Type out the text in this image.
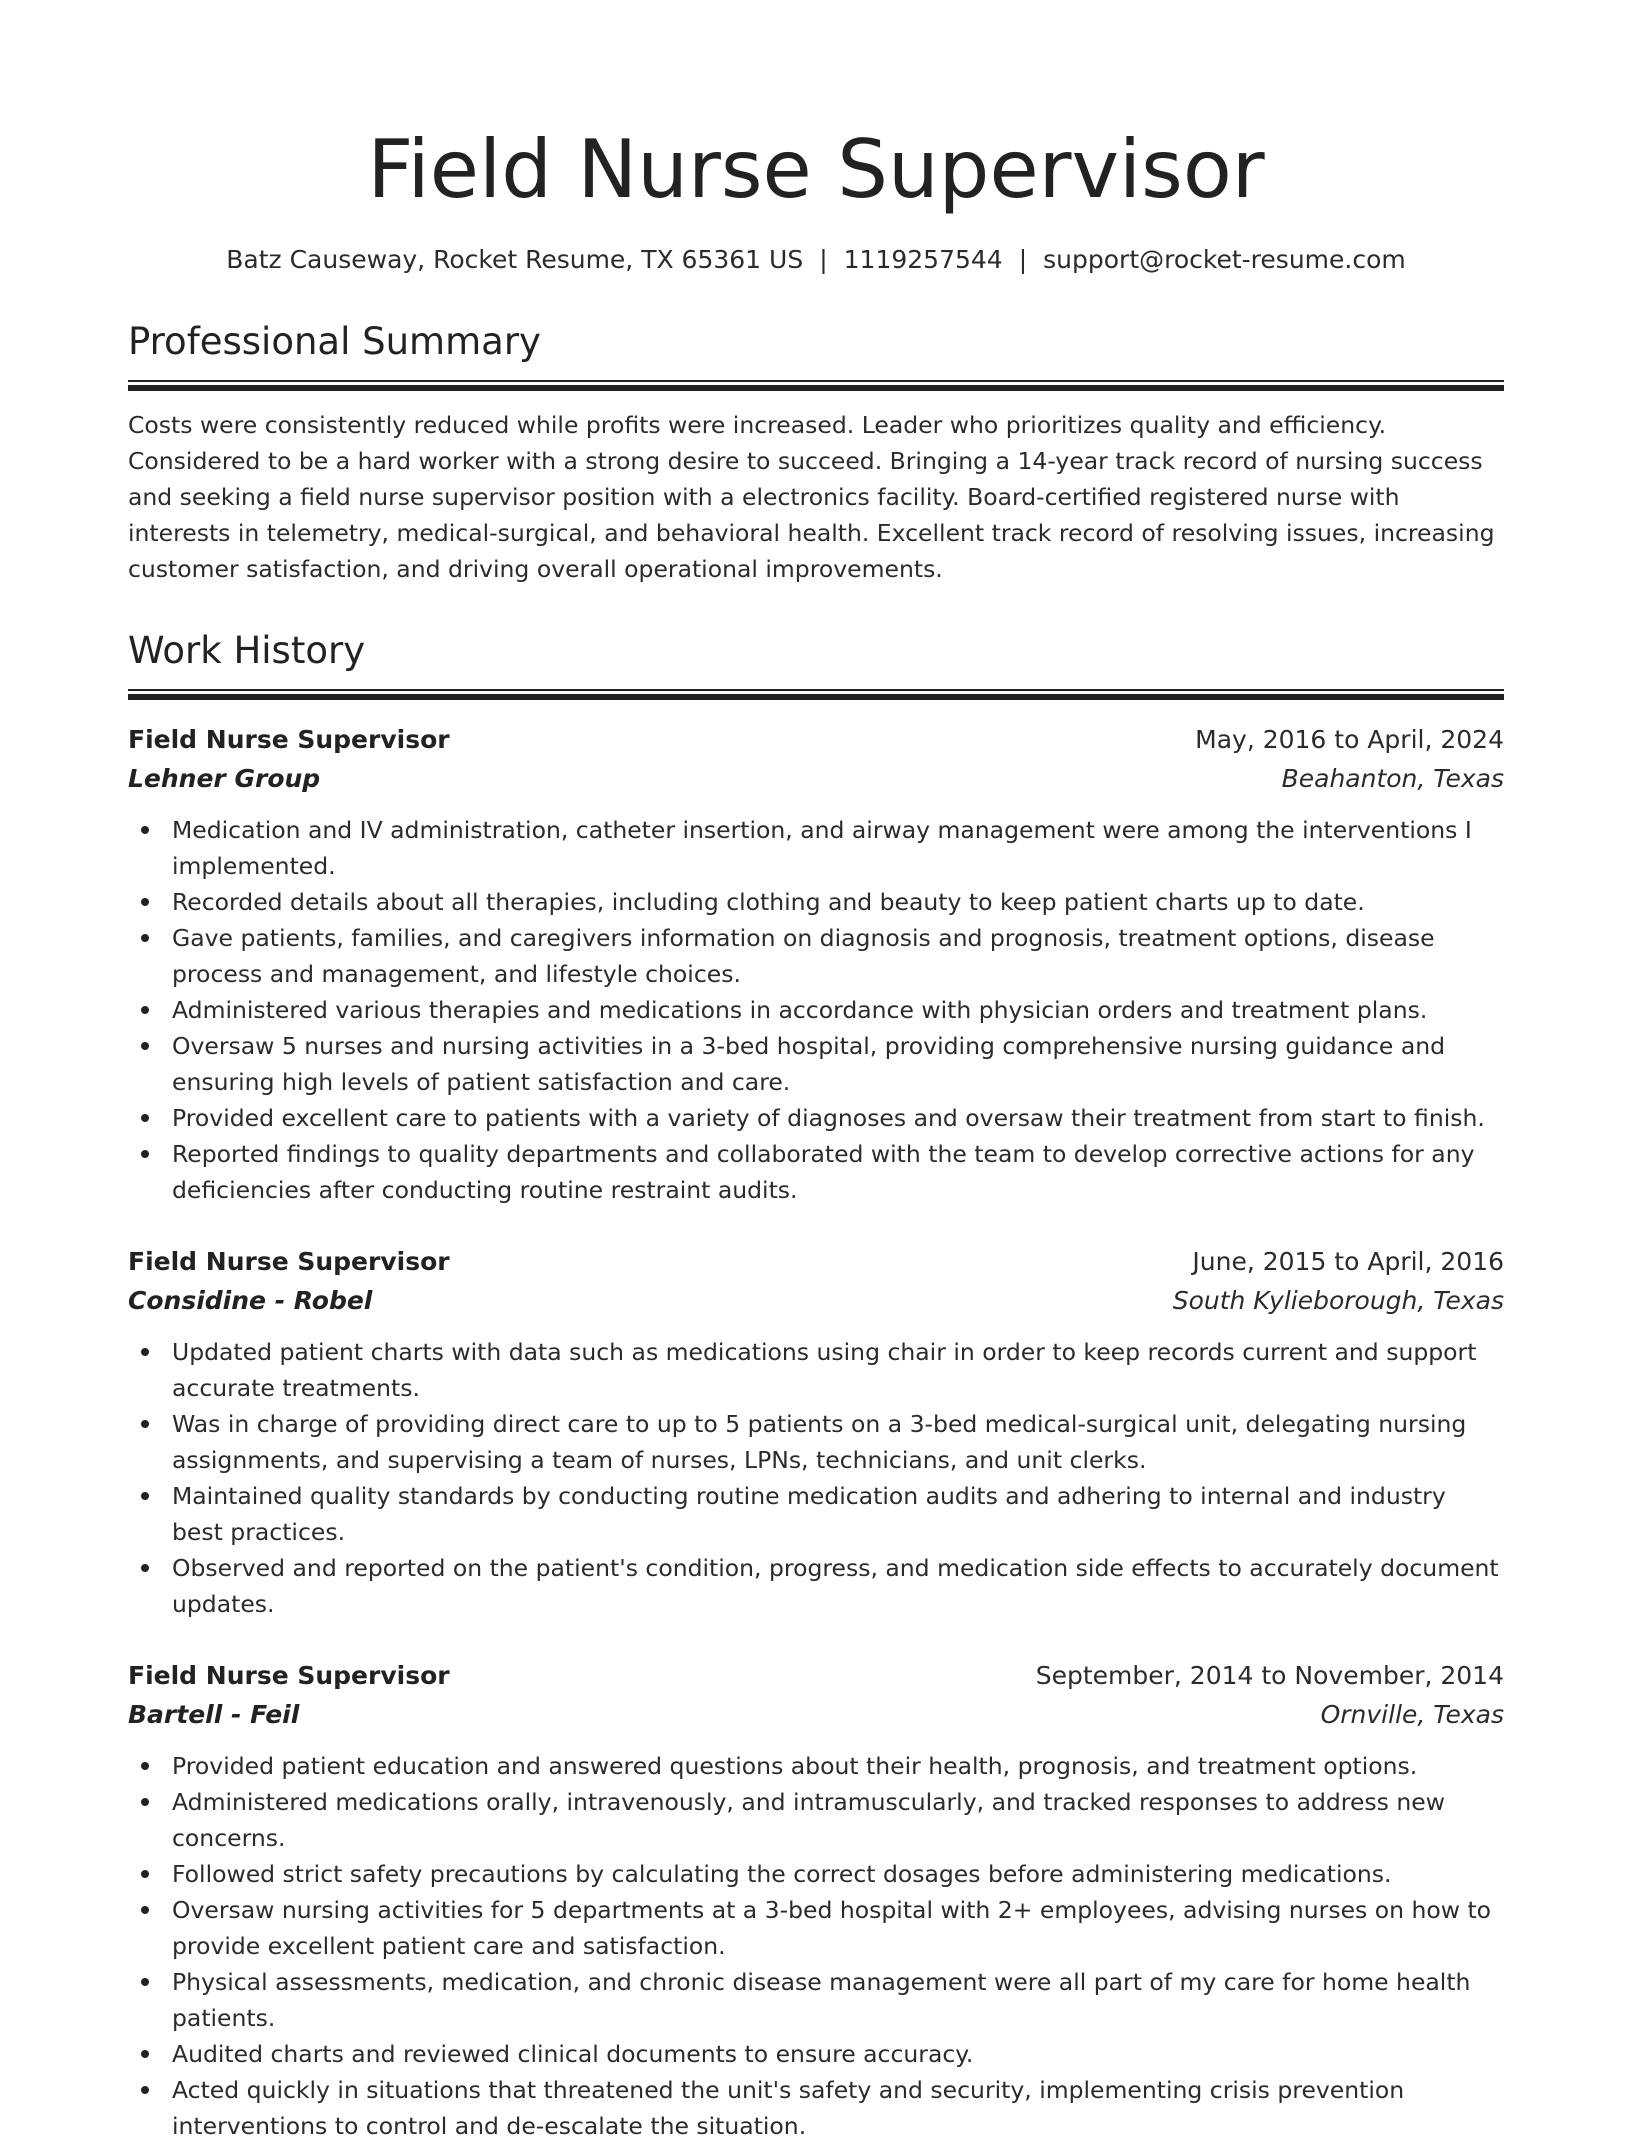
Field Nurse Supervisor
Batz Causeway, Rocket Resume, TX 65361 US | 1119257544 | support@rocket-resume.com
Professional Summary

Costs were consistently reduced while profits were increased. Leader who prioritizes quality and efficiency. Considered to be a hard worker with a strong desire to succeed. Bringing a 14-year track record of nursing success and seeking a field nurse supervisor position with a electronics facility. Board-certified registered nurse with interests in telemetry, medical-surgical, and behavioral health. Excellent track record of resolving issues, increasing customer satisfaction, and driving overall operational improvements.

Work History
Field Nurse Supervisor	May, 2016 to April, 2024
Lehner Group	Beahanton, Texas
Medication and IV administration, catheter insertion, and airway management were among the interventions I implemented.
Recorded details about all therapies, including clothing and beauty to keep patient charts up to date.
Gave patients, families, and caregivers information on diagnosis and prognosis, treatment options, disease process and management, and lifestyle choices.
Administered various therapies and medications in accordance with physician orders and treatment plans.
Oversaw 5 nurses and nursing activities in a 3-bed hospital, providing comprehensive nursing guidance and ensuring high levels of patient satisfaction and care.
Provided excellent care to patients with a variety of diagnoses and oversaw their treatment from start to finish.
Reported findings to quality departments and collaborated with the team to develop corrective actions for any deficiencies after conducting routine restraint audits.
Field Nurse Supervisor	June, 2015 to April, 2016
Considine - Robel	South Kylieborough, Texas
Updated patient charts with data such as medications using chair in order to keep records current and support accurate treatments.
Was in charge of providing direct care to up to 5 patients on a 3-bed medical-surgical unit, delegating nursing assignments, and supervising a team of nurses, LPNs, technicians, and unit clerks.
Maintained quality standards by conducting routine medication audits and adhering to internal and industry best practices.
Observed and reported on the patient's condition, progress, and medication side effects to accurately document updates.
Field Nurse Supervisor	September, 2014 to November, 2014
Bartell - Feil	Ornville, Texas
Provided patient education and answered questions about their health, prognosis, and treatment options.
Administered medications orally, intravenously, and intramuscularly, and tracked responses to address new concerns.
Followed strict safety precautions by calculating the correct dosages before administering medications.
Oversaw nursing activities for 5 departments at a 3-bed hospital with 2+ employees, advising nurses on how to provide excellent patient care and satisfaction.
Physical assessments, medication, and chronic disease management were all part of my care for home health patients.
Audited charts and reviewed clinical documents to ensure accuracy.
Acted quickly in situations that threatened the unit's safety and security, implementing crisis prevention interventions to control and de-escalate the situation.
